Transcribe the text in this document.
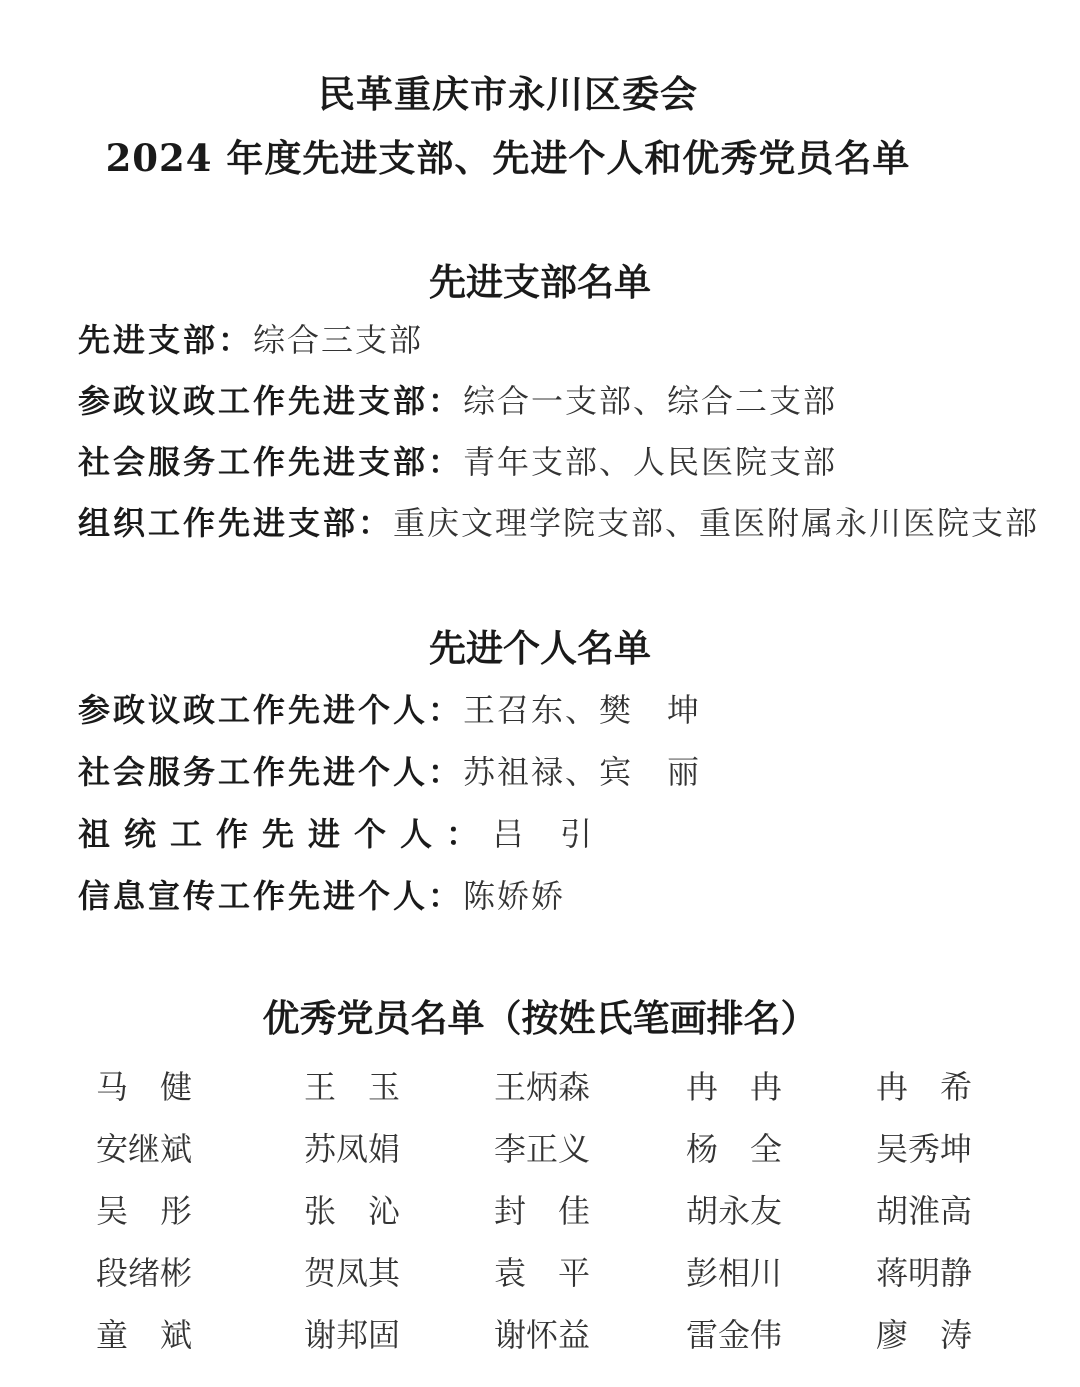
民革重庆市永川区委会
2024 年度先进支部、先进个人和优秀党员名单
先进支部名单
先进支部：综合三支部
参政议政工作先进支部：综合一支部、综合二支部
社会服务工作先进支部：青年支部、人民医院支部
组织工作先进支部：重庆文理学院支部、重医附属永川医院支部
先进个人名单
参政议政工作先进个人：王召东、樊　坤
社会服务工作先进个人：苏祖禄、宾　丽
祖统工作先进个人：吕　引
信息宣传工作先进个人：陈娇娇
优秀党员名单（按姓氏笔画排名）
马　健	王　玉	王炳森	冉　冉	冉　希
安继斌	苏凤娟	李正义	杨　全	吴秀坤
吴　彤	张　沁	封　佳	胡永友	胡淮高
段绪彬	贺凤其	袁　平	彭相川	蒋明静
童　斌	谢邦固	谢怀益	雷金伟	廖　涛
